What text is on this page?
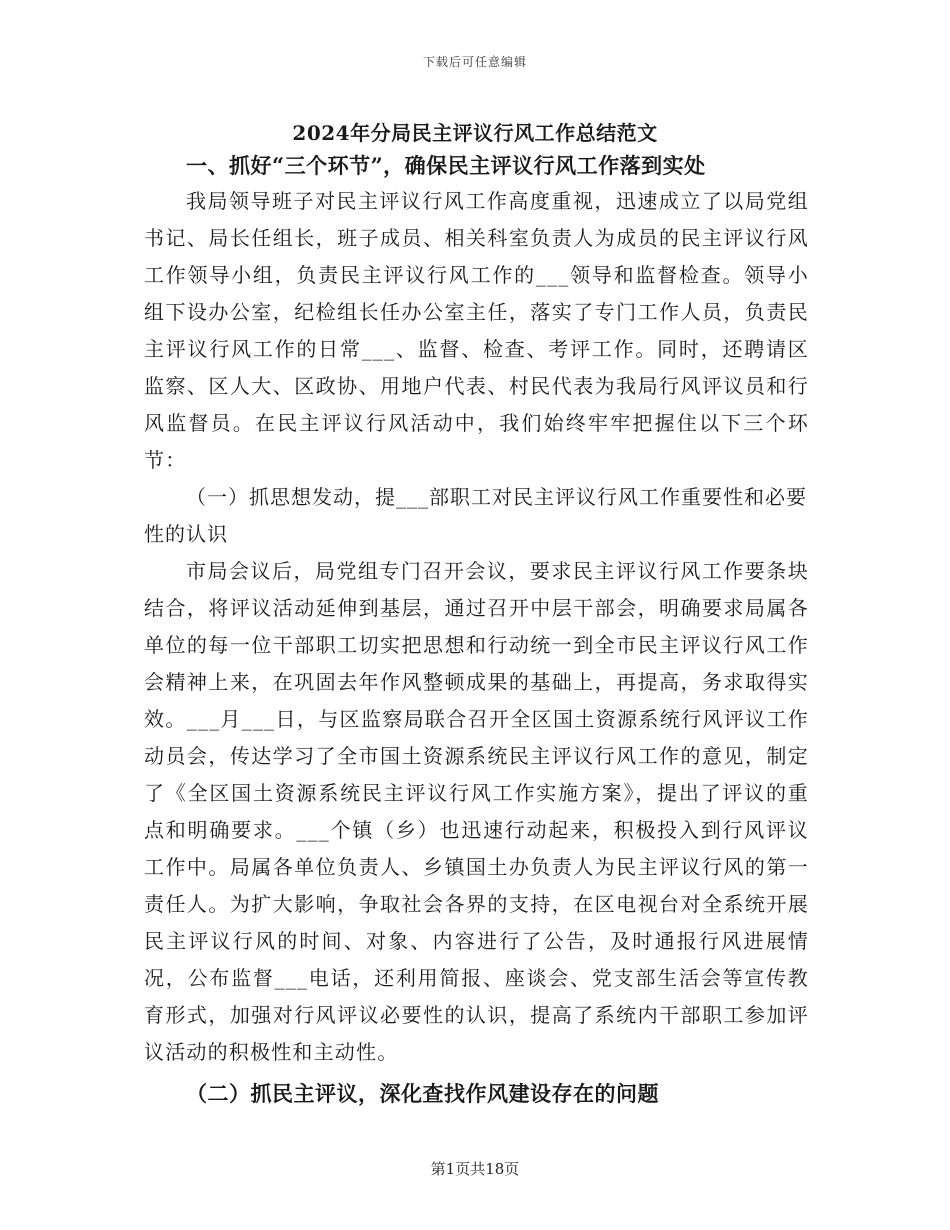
下载后可任意编辑
2024年分局民主评议行风工作总结范文
一、抓好“三个环节”，确保民主评议行风工作落到实处

我局领导班子对民主评议行风工作高度重视，迅速成立了以局党组书记、局长任组长，班子成员、相关科室负责人为成员的民主评议行风工作领导小组，负责民主评议行风工作的___领导和监督检查。领导小组下设办公室，纪检组长任办公室主任，落实了专门工作人员，负责民主评议行风工作的日常___、监督、检查、考评工作。同时，还聘请区监察、区人大、区政协、用地户代表、村民代表为我局行风评议员和行风监督员。在民主评议行风活动中，我们始终牢牢把握住以下三个环节：

（一）抓思想发动，提___部职工对民主评议行风工作重要性和必要性的认识

市局会议后，局党组专门召开会议，要求民主评议行风工作要条块结合，将评议活动延伸到基层，通过召开中层干部会，明确要求局属各单位的每一位干部职工切实把思想和行动统一到全市民主评议行风工作会精神上来，在巩固去年作风整顿成果的基础上，再提高，务求取得实效。___月___日，与区监察局联合召开全区国土资源系统行风评议工作动员会，传达学习了全市国土资源系统民主评议行风工作的意见，制定了《全区国土资源系统民主评议行风工作实施方案》，提出了评议的重点和明确要求。___个镇（乡）也迅速行动起来，积极投入到行风评议工作中。局属各单位负责人、乡镇国土办负责人为民主评议行风的第一责任人。为扩大影响，争取社会各界的支持，在区电视台对全系统开展民主评议行风的时间、对象、内容进行了公告，及时通报行风进展情况，公布监督___电话，还利用简报、座谈会、党支部生活会等宣传教育形式，加强对行风评议必要性的认识，提高了系统内干部职工参加评议活动的积极性和主动性。

（二）抓民主评议，深化查找作风建设存在的问题

第1页共18页
